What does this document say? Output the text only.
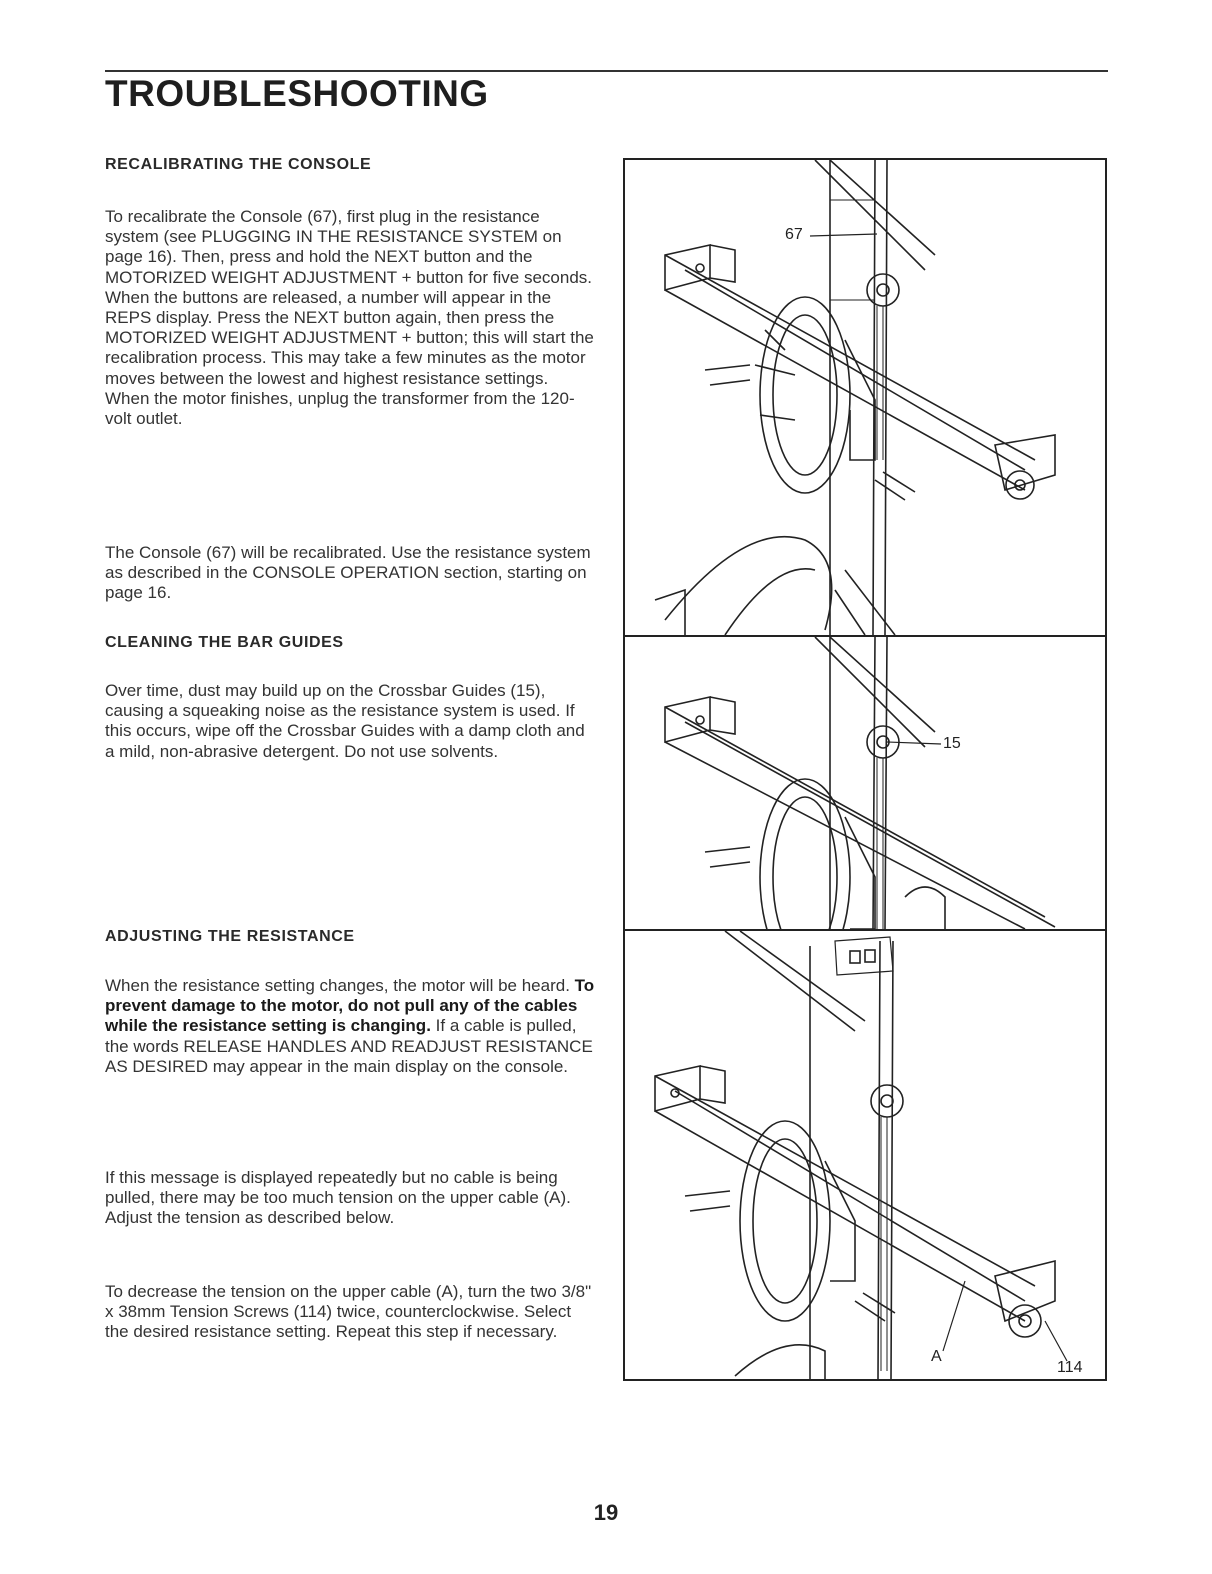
TROUBLESHOOTING
RECALIBRATING THE CONSOLE

To recalibrate the Console (67), first plug in the resistance system (see PLUGGING IN THE RESISTANCE SYSTEM on page 16). Then, press and hold the NEXT button and the MOTORIZED WEIGHT ADJUSTMENT + button for five seconds. When the buttons are released, a number will appear in the REPS display. Press the NEXT button again, then press the MOTORIZED WEIGHT ADJUSTMENT + button; this will start the recalibration process. This may take a few minutes as the motor moves between the lowest and highest resistance settings. When the motor finishes, unplug the transformer from the 120-volt outlet.

The Console (67) will be recalibrated. Use the resistance system as described in the CONSOLE OPERATION section, starting on page 16.

CLEANING THE BAR GUIDES

Over time, dust may build up on the Crossbar Guides (15), causing a squeaking noise as the resistance system is used. If this occurs, wipe off the Crossbar Guides with a damp cloth and a mild, non-abrasive detergent. Do not use solvents.

ADJUSTING THE RESISTANCE

When the resistance setting changes, the motor will be heard. To prevent damage to the motor, do not pull any of the cables while the resistance setting is changing. If a cable is pulled, the words RELEASE HANDLES AND READJUST RESISTANCE AS DESIRED may appear in the main display on the console.

If this message is displayed repeatedly but no cable is being pulled, there may be too much tension on the upper cable (A). Adjust the tension as described below.

To decrease the tension on the upper cable (A), turn the two 3/8" x 38mm Tension Screws (114) twice, counterclockwise. Select the desired resistance setting. Repeat this step if necessary.

67
15
A
114
19
